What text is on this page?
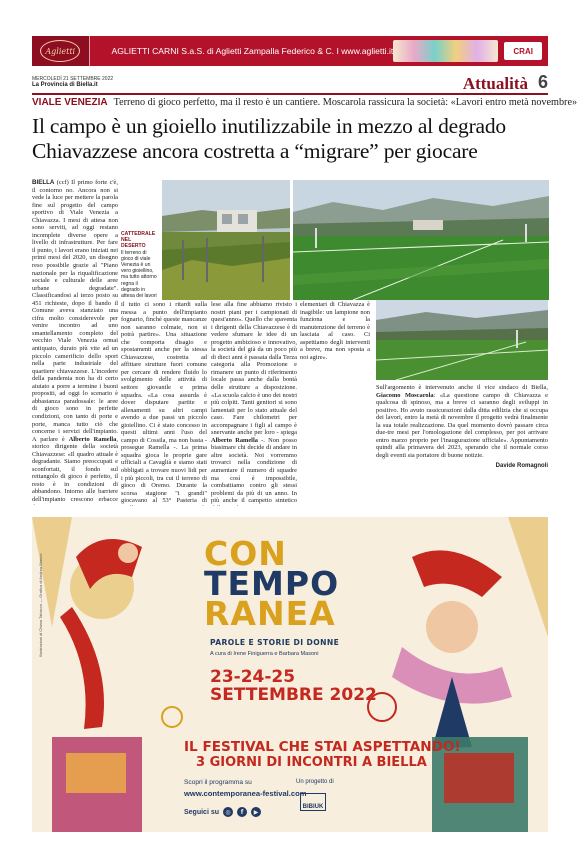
Aglietti	AGLIETTI CARNI S.a.S. di Aglietti Zampalla Federico & C. I www.aglietti.it	CRAI
MERCOLEDÌ 21 SETTEMBRE 2022
La Provincia di Biella.it	Attualità 6
VIALE VENEZIA Terreno di gioco perfetto, ma il resto è un cantiere. Moscarola rassicura la società: «Lavori entro metà novembre»
Il campo è un gioiello inutilizzabile in mezzo al degrado
Chiavazzese ancora costretta a “migrare” per giocare
BIELLA (ccf) Il primo forte c'è, il contorno no. Ancora non si vede la luce per mettere la parola fine sul progetto del campo sportivo di Viale Venezia a Chiavazza. I mesi di attesa non sono serviti, ad oggi restano incomplete diverse opere a livello di infrastrutture. Per fare il punto, i lavori erano iniziati nei primi mesi del 2020, un disegno reso possibile grazie al "Piano nazionale per la riqualificazione sociale e culturale delle aree urbane degradate". Classificandosi al terzo posto su 451 richieste, dopo il bando il Comune aveva stanziato una cifra molto considerevole per venire incontro ad uno smantellamento completo del vecchio Viale Venezia ormai antiquato, durato più vite ad un piccolo camerificio dello sport nella parte industriale del quartiere chiavazzese. L'incedere della pandemia non ha di certo aiutato a porre a termine i buoni propositi, ad oggi lo scenario è abbastanza paradossale: le aree di gioco sono in perfette condizioni, con tanto di porte e porte, manca tutto ciò che concerne i servizi dell'impianto. A parlare è Alberto Ramella, storico dirigente della società Chiavazzese: «Il quadro attuale è degradante. Siamo preoccupati e sconfortati, il fondo sul rettangolo di gioco è perfetto, il resto è in condizioni di abbandono. Intorno alle barriere dell'impianto crescono erbacce
CATTEDRALE NEL DESERTO
Il terreno di gioco di viale Venezia è un vero gioiellino, ma tutto attorno regna il degrado in attesa dei lavori
il tutto ci sono i ritardi sulla messa a punto dell'impianto fognario, finché queste mancanze non saranno colmate, non si potrà partire». Una situazione che comporta disagio e spostamenti anche per la stessa Chiavazzese, costretta ad affittare strutture fuori comune per cercare di rendere fluido lo svolgimento delle attività di settore giovanile e prima squadra. «La cosa assurda è dover disputare partite e allenamenti su altri campi avendo a due passi un piccolo gioiellino. Ci è stato concesso in questi ultimi anni l'uso del campo di Cossila, ma non basta - prosegue Ramella -. La prima squadra gioca le proprie gare ufficiali a Cavaglià e siamo stati obbligati a trovare nuovi lidi per i più piccoli, tra cui il terreno di gioco di Oremo. Durante la scorsa stagione "i grandi" giocavano al 53° Pasteria di
lese alla fine abbiamo rivisto i nostri piani per i campionati di quest'anno». Quello che spaventa i dirigenti della Chiavazzese è di vedere sfumare le idee di un progetto ambizioso e innovativo, la società del già da un poco più di dieci anni è passata dalla Terza categoria alla Promozione e rimanere un punto di riferimento locale passa anche dalla bontà delle strutture a disposizione. «La scuola calcio è uno dei nostri più colpiti. Tanti genitori si sono lamentati per lo stato attuale del caso. Fare chilometri per accompagnare i figli al campo è snervante anche per loro - spiega Alberto Ramella -. Non posso biasimare chi decide di andare in altre società. Noi vorremmo trovarci nella condizione di aumentare il numero di squadre ma così è impossibile, combattiamo contro gli stessi problemi da più di un anno. In più anche il campetto sintetico
elementari di Chiavazza è inagibile: un lampione non funziona e la manutenzione del terreno è lasciata al caso. Ci aspettiamo degli interventi a breve, ma non sposta a noi agire».
Sull'argomento è intervenuto anche il vice sindaco di Biella, Giacomo Moscarola: «La questione campo di Chiavazza e qualcosa di spinoso, ma a breve ci saranno degli sviluppi in positivo. Ho avuto rassicurazioni dalla ditta edilizia che si occupa dei lavori, entro la metà di novembre il progetto vedrà finalmente la sua totale realizzazione. Da quel momento dovrò passare circa due-tre mesi per l'omologazione del complesso, per poi arrivare entro marzo proprio per l'inaugurazione ufficiale». Appuntamento quindi alla primavera del 2023, sperando che il normale corso degli eventi sia portatore di buone notizie.
Davide Romagnoli
CON
TEMPO
RANEA
PAROLE E STORIE DI DONNE
A cura di Irene Finiguerra e Barbara Masoni
23-24-25
SETTEMBRE 2022
IL FESTIVAL CHE STAI ASPETTANDO!
3 GIORNI DI INCONTRI A BIELLA
Scopri il programma su
www.contemporanea-festival.com
Seguici su	◎	f	▶
Un progetto di
BIBIUK
Illustrazioni di Chiara Tabacco — Grafica di Andrea Bianco
